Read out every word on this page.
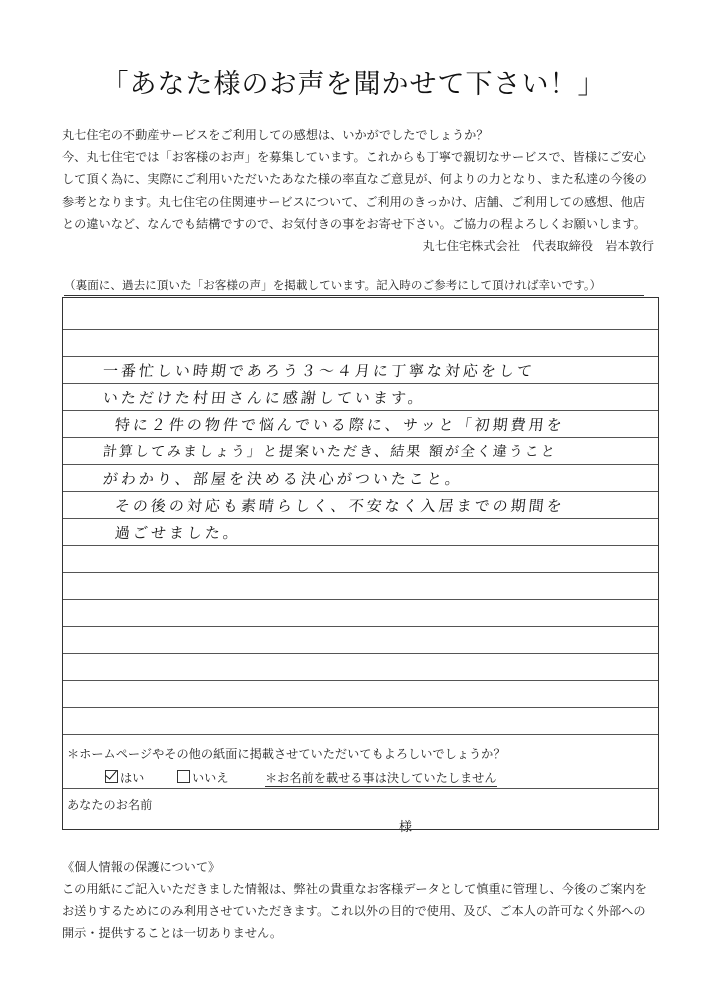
「あなた様のお声を聞かせて下さい！」

丸七住宅の不動産サービスをご利用しての感想は、いかがでしたでしょうか？

今、丸七住宅では「お客様のお声」を募集しています。これからも丁寧で親切なサービスで、皆様にご安心

して頂く為に、実際にご利用いただいたあなた様の率直なご意見が、何よりの力となり、また私達の今後の

参考となります。丸七住宅の住関連サービスについて、ご利用のきっかけ、店舗、ご利用しての感想、他店

との違いなど、なんでも結構ですので、お気付きの事をお寄せ下さい。ご協力の程よろしくお願いします。

丸七住宅株式会社　代表取締役　岩本敦行

（裏面に、過去に頂いた「お客様の声」を掲載しています。記入時のご参考にして頂ければ幸いです。）
一番忙しい時期であろう３～４月に丁寧な対応をして
いただけた村田さんに感謝しています。
特に２件の物件で悩んでいる際に、サッと「初期費用を
計算してみましょう」と提案いただき、結果 額が全く違うこと
がわかり、部屋を決める決心がついたこと。
その後の対応も素晴らしく、不安なく入居までの期間を
過ごせました。
＊ホームページやその他の紙面に掲載させていただいてもよろしいでしょうか？
はい	いいえ	＊お名前を載せる事は決していたしません
あなたのお名前
様

《個人情報の保護について》

この用紙にご記入いただきました情報は、弊社の貴重なお客様データとして慎重に管理し、今後のご案内を

お送りするためにのみ利用させていただきます。これ以外の目的で使用、及び、ご本人の許可なく外部への

開示・提供することは一切ありません。
